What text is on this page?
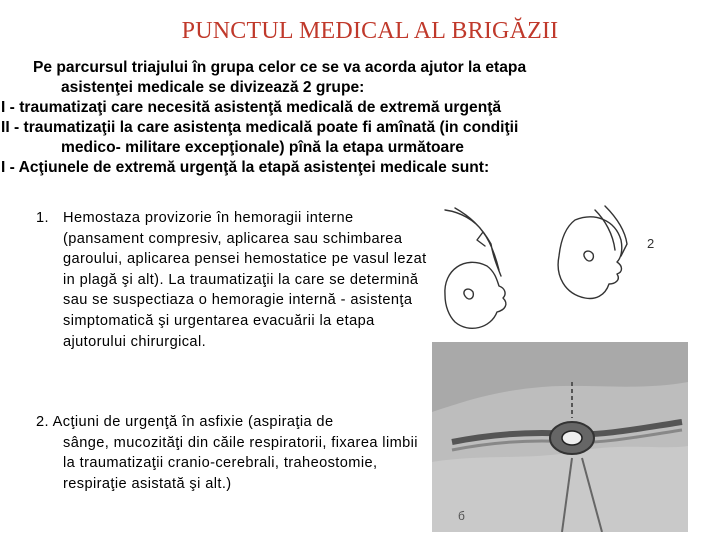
PUNCTUL MEDICAL AL BRIGĂZII
Pe parcursul triajului în grupa celor ce se va acorda ajutor la etapa
asistenţei medicale se divizează 2 grupe:
I - traumatizaţi care necesită asistenţă medicală de extremă urgenţă
II - traumatizaţii la care asistenţa medicală poate fi amînată (in condiţii
medico- militare excepţionale) pînă la etapa următoare
I - Acţiunele de extremă urgenţă la etapă asistenţei medicale sunt:
1. Hemostaza provizorie în hemoragii interne (pansament compresiv, aplicarea sau schimbarea garoului, aplicarea pensei hemostatice pe vasul lezat in plagă şi alt). La traumatizaţii la care se determină sau se suspectiaza o hemoragie internă - asistenţa simptomatică şi urgentarea evacuării la etapa ajutorului chirurgical.
2. Acţiuni de urgenţă în asfixie (aspiraţia de
sânge, mucozităţi din căile respiratorii, fixarea limbii la traumatizaţii cranio-cerebrali, traheostomie, respiraţie asistată şi alt.)
2
б
